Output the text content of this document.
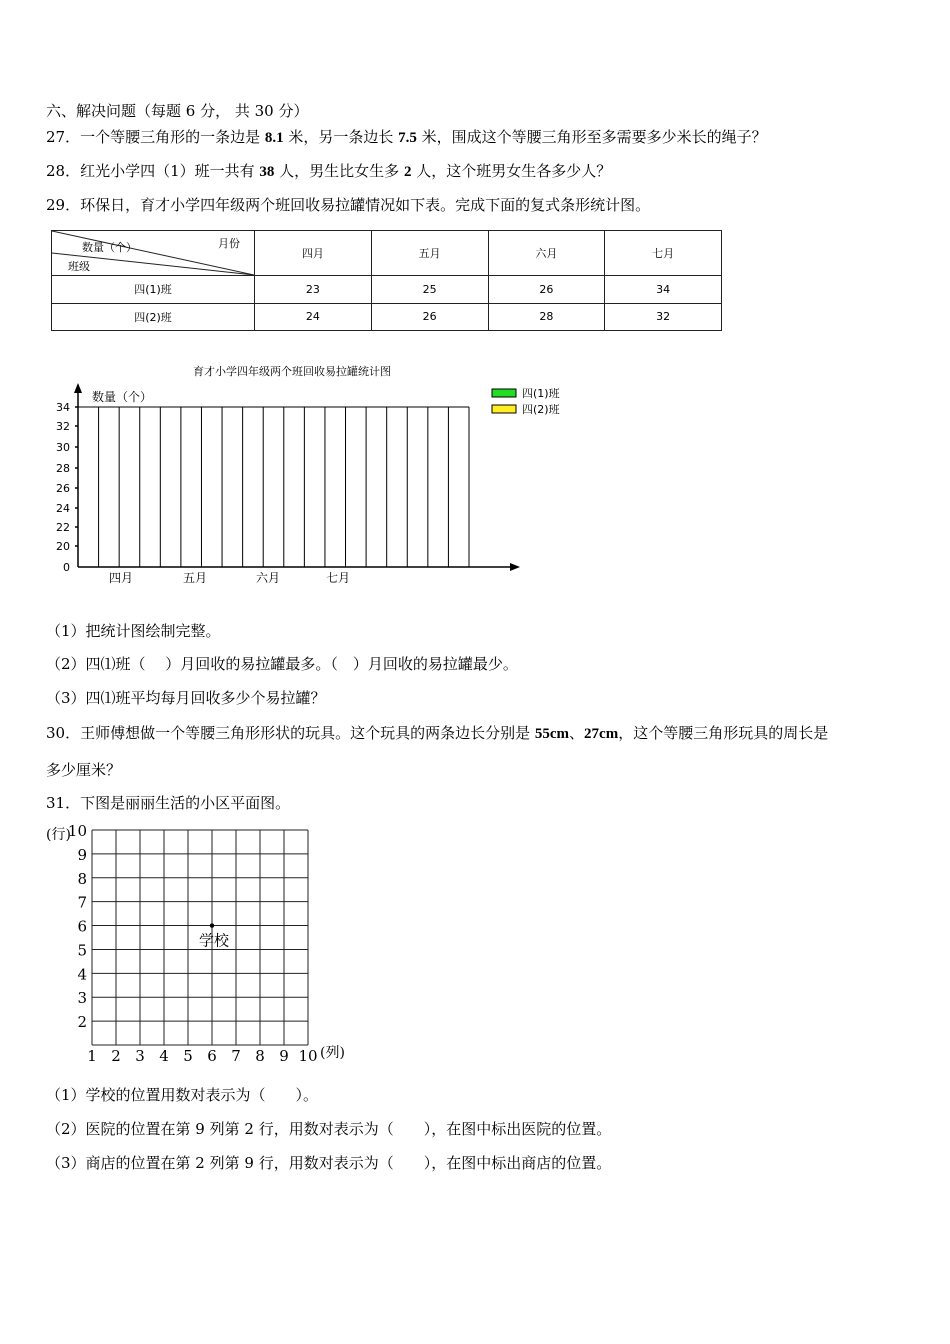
六、解决问题（每题 6 分， 共 30 分）
27．一个等腰三角形的一条边是 8.1 米，另一条边长 7.5 米，围成这个等腰三角形至多需要多少米长的绳子？
28．红光小学四（1）班一共有 38 人，男生比女生多 2 人，这个班男女生各多少人？
29．环保日，育才小学四年级两个班回收易拉罐情况如下表。完成下面的复式条形统计图。
月份
数量（个）
班级	四月	五月	六月	七月
四(1)班	23	25	26	34
四(2)班	24	26	28	32
育才小学四年级两个班回收易拉罐统计图
数量（个）
0
20
22
24
26
28
30
32
34
四月	五月	六月	七月
四(1)班
四(2)班
（1）把统计图绘制完整。
（2）四⑴班（　 ）月回收的易拉罐最多。（　）月回收的易拉罐最少。
（3）四⑴班平均每月回收多少个易拉罐？
30．王师傅想做一个等腰三角形形状的玩具。这个玩具的两条边长分别是 55cm、27cm，这个等腰三角形玩具的周长是
多少厘米？
31．下图是丽丽生活的小区平面图。
2
3
4
5
6
7
8
9
10
(行)
1 2 3 4 5 6 7 8 9 10 (列)
学校
（1）学校的位置用数对表示为（　　）。
（2）医院的位置在第 9 列第 2 行，用数对表示为（　　），在图中标出医院的位置。
（3）商店的位置在第 2 列第 9 行，用数对表示为（　　），在图中标出商店的位置。
